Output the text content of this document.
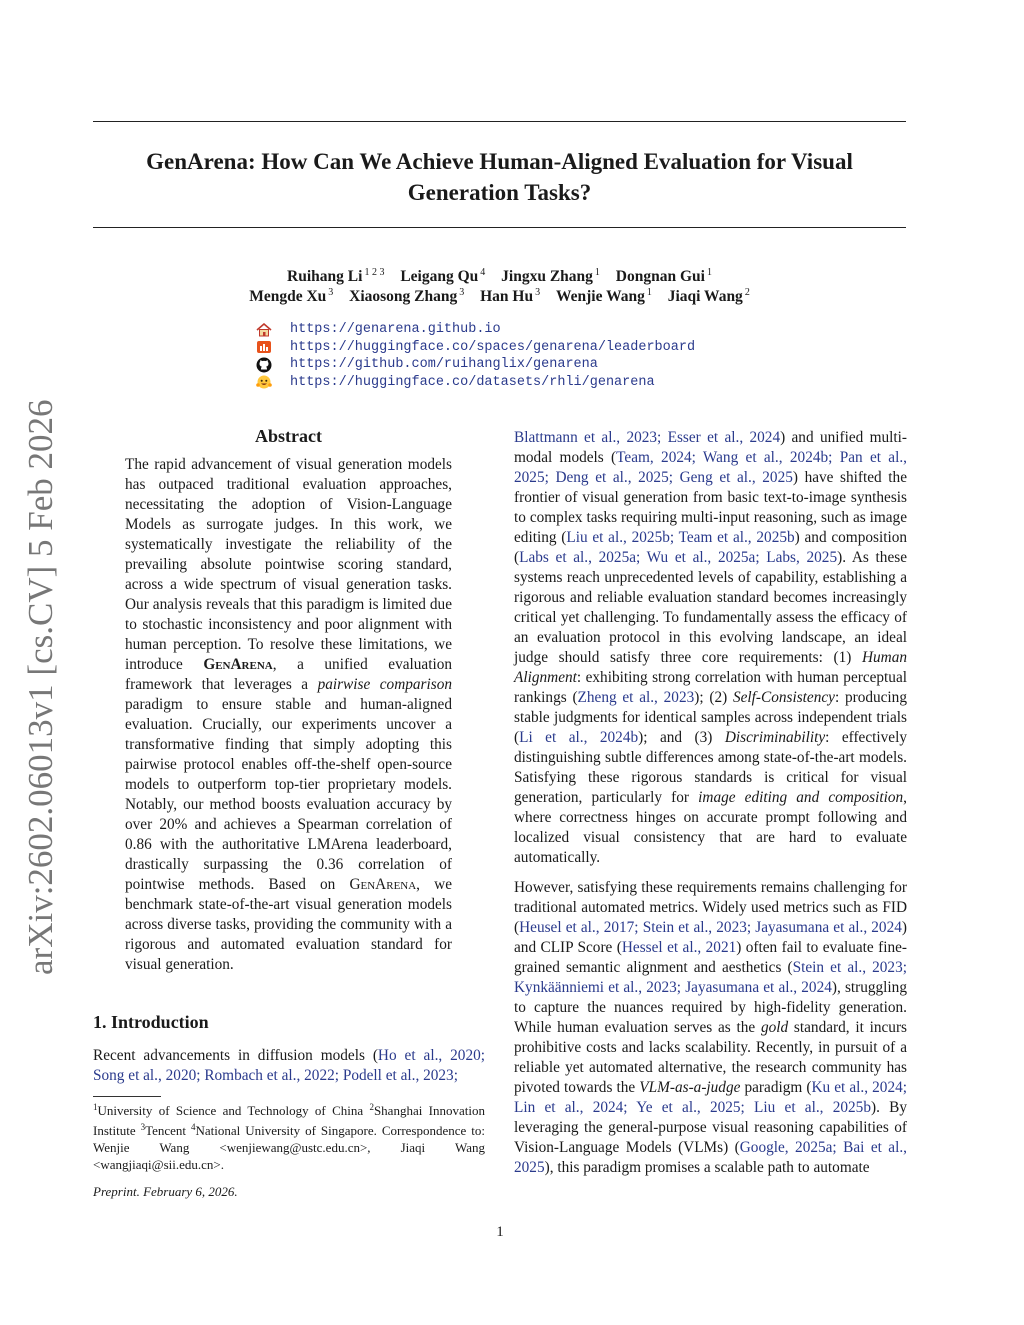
GenArena: How Can We Achieve Human-Aligned Evaluation for Visual
Generation Tasks?
Ruihang Li $^{1 2 3}$ Leigang Qu $^4$ Jingxu Zhang $^1$ Dongnan Gui $^1$
Mengde Xu $^3$ Xiaosong Zhang $^3$ Han Hu $^3$ Wenjie Wang $^1$ Jiaqi Wang $^2$
https://genarena.github.io
https://huggingface.co/spaces/genarena/leaderboard
https://github.com/ruihanglix/genarena
https://huggingface.co/datasets/rhli/genarena
arXiv:2602.06013v1 [cs.CV] 5 Feb 2026	Abstract
The rapid advancement of visual generation models has outpaced traditional evaluation approaches, necessitating the adoption of Vision-Language Models as surrogate judges. In this work, we systematically investigate the reliability of the prevailing absolute pointwise scoring standard, across a wide spectrum of visual generation tasks. Our analysis reveals that this paradigm is limited due to stochastic inconsistency and poor alignment with human perception. To resolve these limitations, we introduce GenArena, a unified evaluation framework that leverages a pairwise comparison paradigm to ensure stable and human-aligned evaluation. Crucially, our experiments uncover a transformative finding that simply adopting this pairwise protocol enables off-the-shelf open-source models to outperform top-tier proprietary models. Notably, our method boosts evaluation accuracy by over 20% and achieves a Spearman correlation of 0.86 with the authoritative LMArena leaderboard, drastically surpassing the 0.36 correlation of pointwise methods. Based on GenArena, we benchmark state-of-the-art visual generation models across diverse tasks, providing the community with a rigorous and automated evaluation standard for visual generation.
1. Introduction
Recent advancements in diffusion models (Ho et al., 2020; Song et al., 2020; Rombach et al., 2022; Podell et al., 2023;
$^1$University of Science and Technology of China $^2$Shanghai Innovation Institute $^3$Tencent $^4$National University of Singapore. Correspondence to: Wenjie Wang <wenjiewang@ustc.edu.cn>, Jiaqi Wang <wangjiaqi@sii.edu.cn>.
Preprint. February 6, 2026.
Blattmann et al., 2023; Esser et al., 2024) and unified multi-modal models (Team, 2024; Wang et al., 2024b; Pan et al., 2025; Deng et al., 2025; Geng et al., 2025) have shifted the frontier of visual generation from basic text-to-image synthesis to complex tasks requiring multi-input reasoning, such as image editing (Liu et al., 2025b; Team et al., 2025b) and composition (Labs et al., 2025a; Wu et al., 2025a; Labs, 2025). As these systems reach unprecedented levels of capability, establishing a rigorous and reliable evaluation standard becomes increasingly critical yet challenging. To fundamentally assess the efficacy of an evaluation protocol in this evolving landscape, an ideal judge should satisfy three core requirements: (1) Human Alignment: exhibiting strong correlation with human perceptual rankings (Zheng et al., 2023); (2) Self-Consistency: producing stable judgments for identical samples across independent trials (Li et al., 2024b); and (3) Discriminability: effectively distinguishing subtle differences among state-of-the-art models. Satisfying these rigorous standards is critical for visual generation, particularly for image editing and composition, where correctness hinges on accurate prompt following and localized visual consistency that are hard to evaluate automatically.
However, satisfying these requirements remains challenging for traditional automated metrics. Widely used metrics such as FID (Heusel et al., 2017; Stein et al., 2023; Jayasumana et al., 2024) and CLIP Score (Hessel et al., 2021) often fail to evaluate fine-grained semantic alignment and aesthetics (Stein et al., 2023; Kynkäänniemi et al., 2023; Jayasumana et al., 2024), struggling to capture the nuances required by high-fidelity generation. While human evaluation serves as the gold standard, it incurs prohibitive costs and lacks scalability. Recently, in pursuit of a reliable yet automated alternative, the research community has pivoted towards the VLM-as-a-judge paradigm (Ku et al., 2024; Lin et al., 2024; Ye et al., 2025; Liu et al., 2025b). By leveraging the general-purpose visual reasoning capabilities of Vision-Language Models (VLMs) (Google, 2025a; Bai et al., 2025), this paradigm promises a scalable path to automate
1
